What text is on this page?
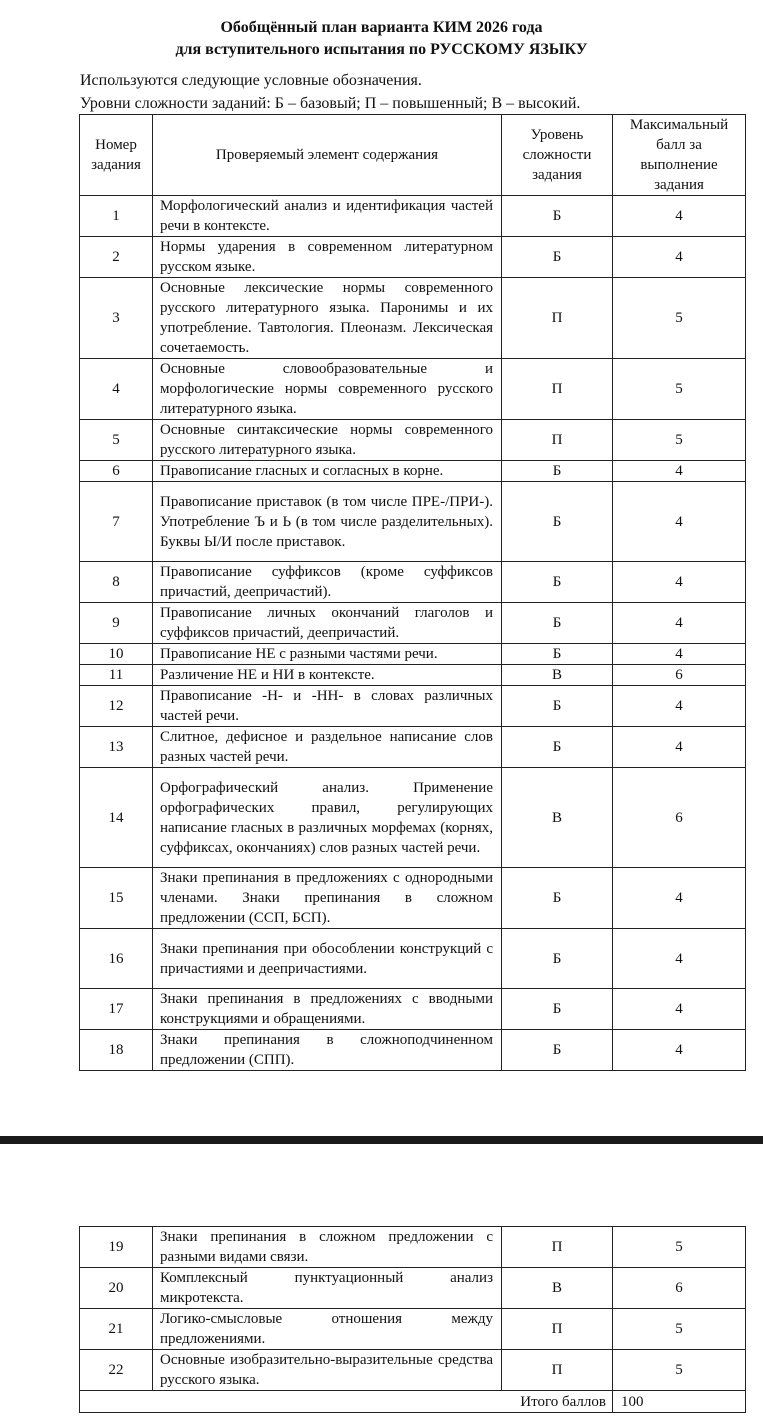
Обобщённый план варианта КИМ 2026 года
для вступительного испытания по РУССКОМУ ЯЗЫКУ
Используются следующие условные обозначения.
Уровни сложности заданий: Б – базовый; П – повышенный; В – высокий.
Номер задания	Проверяемый элемент содержания	Уровень сложности задания	Максимальный балл за выполнение задания
1	Морфологический анализ и идентификация частей речи в контексте.	Б	4
2	Нормы ударения в современном литературном русском языке.	Б	4
3	Основные лексические нормы современного русского литературного языка. Паронимы и их употребление. Тавтология. Плеоназм. Лексическая сочетаемость.	П	5
4	Основные словообразовательные и морфологические нормы современного русского литературного языка.	П	5
5	Основные синтаксические нормы современного русского литературного языка.	П	5
6	Правописание гласных и согласных в корне.	Б	4
7	Правописание приставок (в том числе ПРЕ-/ПРИ-). Употребление Ъ и Ь (в том числе разделительных). Буквы Ы/И после приставок.	Б	4
8	Правописание суффиксов (кроме суффиксов причастий, деепричастий).	Б	4
9	Правописание личных окончаний глаголов и суффиксов причастий, деепричастий.	Б	4
10	Правописание НЕ с разными частями речи.	Б	4
11	Различение НЕ и НИ в контексте.	В	6
12	Правописание -Н- и -НН- в словах различных частей речи.	Б	4
13	Слитное, дефисное и раздельное написание слов разных частей речи.	Б	4
14	Орфографический анализ. Применение орфографических правил, регулирующих написание гласных в различных морфемах (корнях, суффиксах, окончаниях) слов разных частей речи.	В	6
15	Знаки препинания в предложениях с однородными членами. Знаки препинания в сложном предложении (ССП, БСП).	Б	4
16	Знаки препинания при обособлении конструкций с причастиями и деепричастиями.	Б	4
17	Знаки препинания в предложениях с вводными конструкциями и обращениями.	Б	4
18	Знаки препинания в сложноподчиненном предложении (СПП).	Б	4
19	Знаки препинания в сложном предложении с разными видами связи.	П	5
20	Комплексный пунктуационный анализ микротекста.	В	6
21	Логико-смысловые отношения между предложениями.	П	5
22	Основные изобразительно-выразительные средства русского языка.	П	5
Итого баллов			100
